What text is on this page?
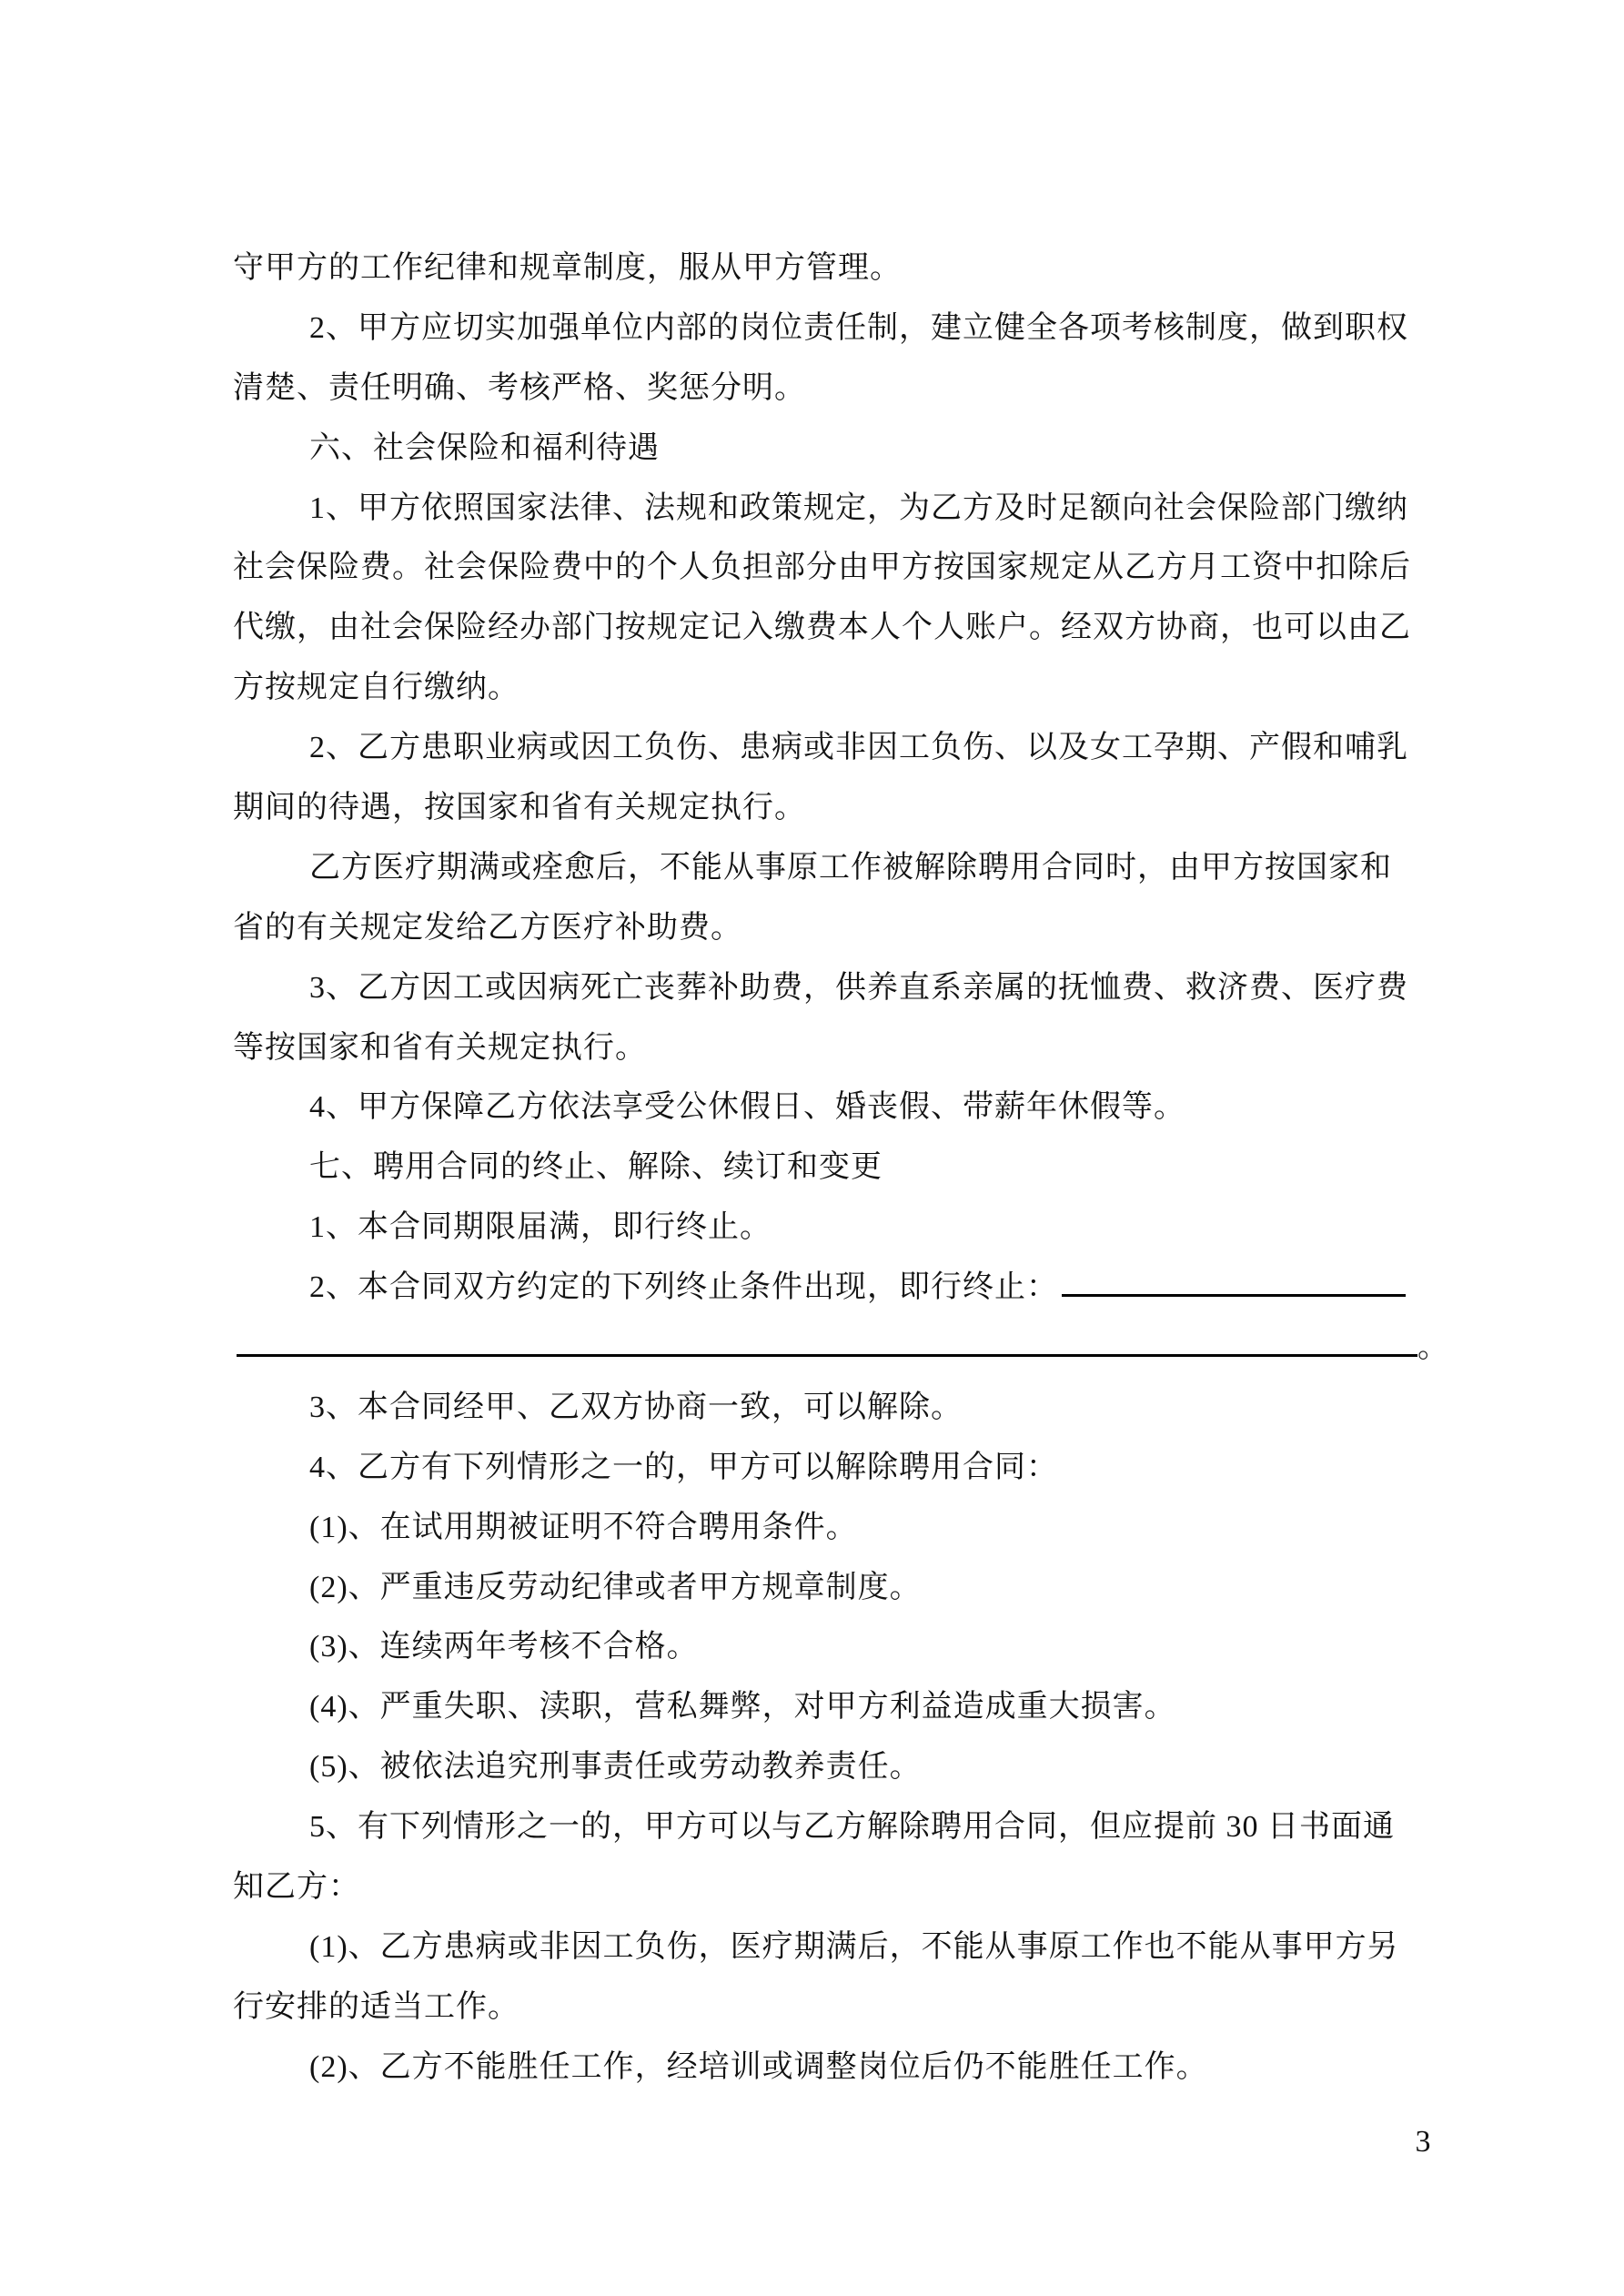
守甲方的工作纪律和规章制度，服从甲方管理。
2、甲方应切实加强单位内部的岗位责任制，建立健全各项考核制度，做到职权
清楚、责任明确、考核严格、奖惩分明。
六、社会保险和福利待遇
1、甲方依照国家法律、法规和政策规定，为乙方及时足额向社会保险部门缴纳
社会保险费。社会保险费中的个人负担部分由甲方按国家规定从乙方月工资中扣除后
代缴，由社会保险经办部门按规定记入缴费本人个人账户。经双方协商，也可以由乙
方按规定自行缴纳。
2、乙方患职业病或因工负伤、患病或非因工负伤、以及女工孕期、产假和哺乳
期间的待遇，按国家和省有关规定执行。
乙方医疗期满或痊愈后，不能从事原工作被解除聘用合同时，由甲方按国家和
省的有关规定发给乙方医疗补助费。
3、乙方因工或因病死亡丧葬补助费，供养直系亲属的抚恤费、救济费、医疗费
等按国家和省有关规定执行。
4、甲方保障乙方依法享受公休假日、婚丧假、带薪年休假等。
七、聘用合同的终止、解除、续订和变更
1、本合同期限届满，即行终止。
2、本合同双方约定的下列终止条件出现，即行终止：
。
3、本合同经甲、乙双方协商一致，可以解除。
4、乙方有下列情形之一的，甲方可以解除聘用合同：
(1)、在试用期被证明不符合聘用条件。
(2)、严重违反劳动纪律或者甲方规章制度。
(3)、连续两年考核不合格。
(4)、严重失职、渎职，营私舞弊，对甲方利益造成重大损害。
(5)、被依法追究刑事责任或劳动教养责任。
5、有下列情形之一的，甲方可以与乙方解除聘用合同，但应提前 30 日书面通
知乙方：
(1)、乙方患病或非因工负伤，医疗期满后，不能从事原工作也不能从事甲方另
行安排的适当工作。
(2)、乙方不能胜任工作，经培训或调整岗位后仍不能胜任工作。
3
